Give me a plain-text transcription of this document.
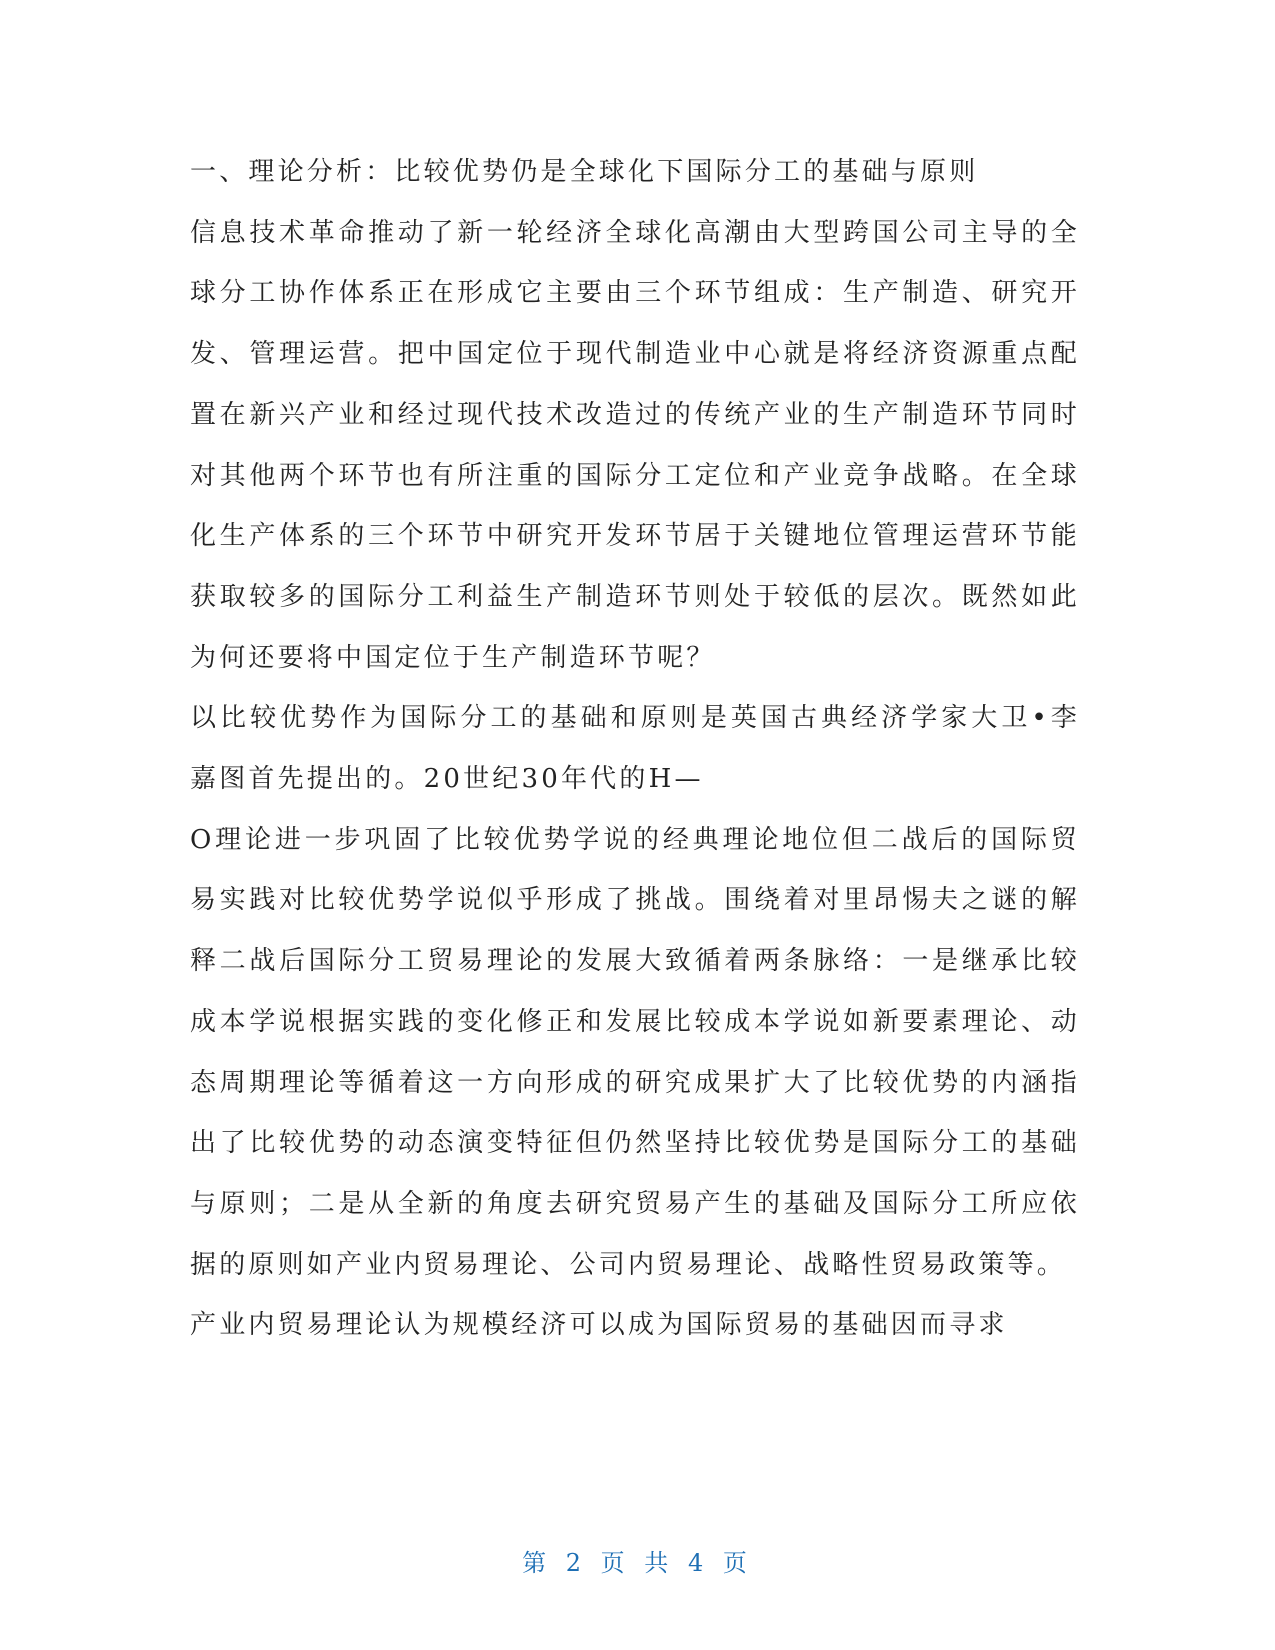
一、理论分析：比较优势仍是全球化下国际分工的基础与原则

信息技术革命推动了新一轮经济全球化高潮由大型跨国公司主导的全球分工协作体系正在形成它主要由三个环节组成：生产制造、研究开发、管理运营。把中国定位于现代制造业中心就是将经济资源重点配置在新兴产业和经过现代技术改造过的传统产业的生产制造环节同时对其他两个环节也有所注重的国际分工定位和产业竞争战略。在全球化生产体系的三个环节中研究开发环节居于关键地位管理运营环节能获取较多的国际分工利益生产制造环节则处于较低的层次。既然如此为何还要将中国定位于生产制造环节呢？

以比较优势作为国际分工的基础和原则是英国古典经济学家大卫•李嘉图首先提出的。20世纪30年代的H—

O理论进一步巩固了比较优势学说的经典理论地位但二战后的国际贸易实践对比较优势学说似乎形成了挑战。围绕着对里昂惕夫之谜的解释二战后国际分工贸易理论的发展大致循着两条脉络：一是继承比较成本学说根据实践的变化修正和发展比较成本学说如新要素理论、动态周期理论等循着这一方向形成的研究成果扩大了比较优势的内涵指出了比较优势的动态演变特征但仍然坚持比较优势是国际分工的基础与原则；二是从全新的角度去研究贸易产生的基础及国际分工所应依据的原则如产业内贸易理论、公司内贸易理论、战略性贸易政策等。

产业内贸易理论认为规模经济可以成为国际贸易的基础因而寻求

第 2 页 共 4 页
